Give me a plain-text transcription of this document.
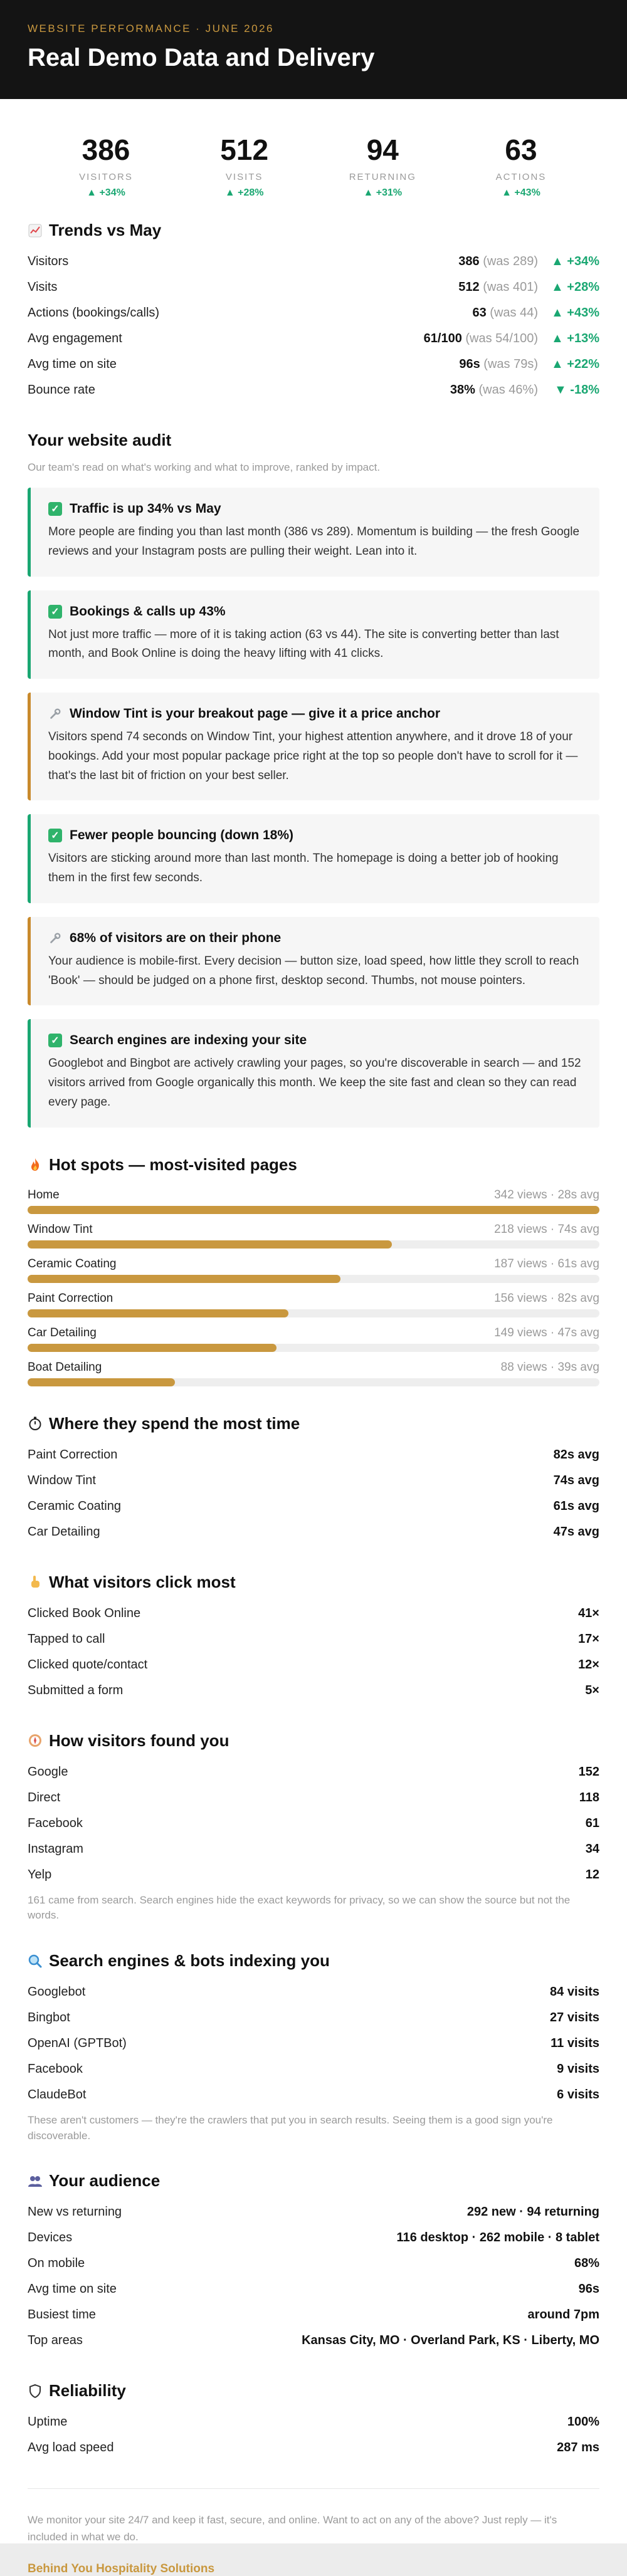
WEBSITE PERFORMANCE · JUNE 2026
Real Demo Data and Delivery
386
VISITORS
▲ +34%
512
VISITS
▲ +28%
94
RETURNING
▲ +31%
63
ACTIONS
▲ +43%
Trends vs May
Visitors	386 (was 289)	▲ +34%
Visits	512 (was 401)	▲ +28%
Actions (bookings/calls)	63 (was 44)	▲ +43%
Avg engagement	61/100 (was 54/100)	▲ +13%
Avg time on site	96s (was 79s)	▲ +22%
Bounce rate	38% (was 46%)	▼ -18%
Your website audit
Our team's read on what's working and what to improve, ranked by impact.
✓ Traffic is up 34% vs May
More people are finding you than last month (386 vs 289). Momentum is building — the fresh Google reviews and your Instagram posts are pulling their weight. Lean into it.
✓ Bookings & calls up 43%
Not just more traffic — more of it is taking action (63 vs 44). The site is converting better than last month, and Book Online is doing the heavy lifting with 41 clicks.
Window Tint is your breakout page — give it a price anchor
Visitors spend 74 seconds on Window Tint, your highest attention anywhere, and it drove 18 of your bookings. Add your most popular package price right at the top so people don't have to scroll for it — that's the last bit of friction on your best seller.
✓ Fewer people bouncing (down 18%)
Visitors are sticking around more than last month. The homepage is doing a better job of hooking them in the first few seconds.
68% of visitors are on their phone
Your audience is mobile-first. Every decision — button size, load speed, how little they scroll to reach 'Book' — should be judged on a phone first, desktop second. Thumbs, not mouse pointers.
✓ Search engines are indexing your site
Googlebot and Bingbot are actively crawling your pages, so you're discoverable in search — and 152 visitors arrived from Google organically this month. We keep the site fast and clean so they can read every page.
Hot spots — most-visited pages
Home	342 views · 28s avg
Window Tint	218 views · 74s avg
Ceramic Coating	187 views · 61s avg
Paint Correction	156 views · 82s avg
Car Detailing	149 views · 47s avg
Boat Detailing	88 views · 39s avg
Where they spend the most time
Paint Correction	82s avg
Window Tint	74s avg
Ceramic Coating	61s avg
Car Detailing	47s avg
What visitors click most
Clicked Book Online	41×
Tapped to call	17×
Clicked quote/contact	12×
Submitted a form	5×
How visitors found you
Google	152
Direct	118
Facebook	61
Instagram	34
Yelp	12
161 came from search. Search engines hide the exact keywords for privacy, so we can show the source but not the words.
Search engines & bots indexing you
Googlebot	84 visits
Bingbot	27 visits
OpenAI (GPTBot)	11 visits
Facebook	9 visits
ClaudeBot	6 visits
These aren't customers — they're the crawlers that put you in search results. Seeing them is a good sign you're discoverable.
Your audience
New vs returning	292 new · 94 returning
Devices	116 desktop · 262 mobile · 8 tablet
On mobile	68%
Avg time on site	96s
Busiest time	around 7pm
Top areas	Kansas City, MO · Overland Park, KS · Liberty, MO
Reliability
Uptime	100%
Avg load speed	287 ms
We monitor your site 24/7 and keep it fast, secure, and online. Want to act on any of the above? Just reply — it's included in what we do.
Behind You Hospitality Solutions
